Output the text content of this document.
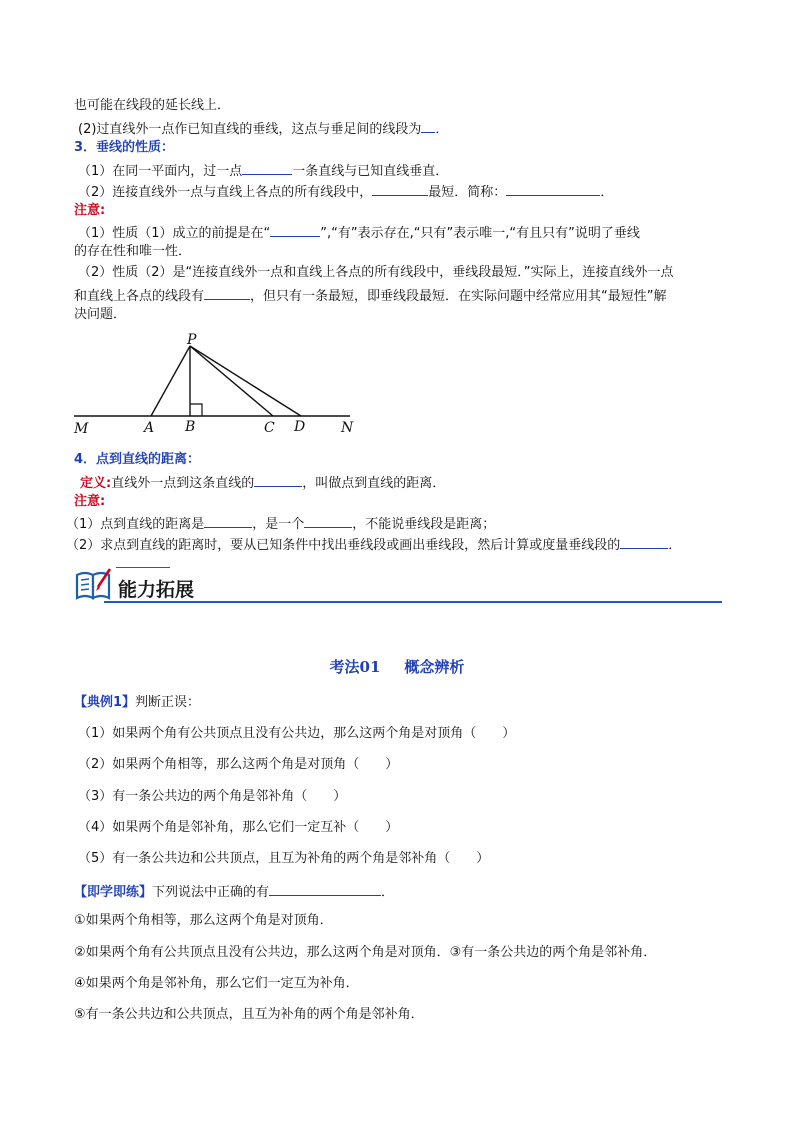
也可能在线段的延长线上．
(2)过直线外一点作已知直线的垂线，这点与垂足间的线段为 ．
3．垂线的性质：
（1）在同一平面内，过一点	一条直线与已知直线垂直．
（2）连接直线外一点与直线上各点的所有线段中，	最短．简称：	．
注意:
（1）性质（1）成立的前提是在“	”,“有”表示存在,“只有”表示唯一,“有且只有”说明了垂线
的存在性和唯一性．
（2）性质（2）是“连接直线外一点和直线上各点的所有线段中，垂线段最短．”实际上，连接直线外一点
和直线上各点的线段有	，但只有一条最短，即垂线段最短．在实际问题中经常应用其“最短性”解
决问题．
P
M	A B	C D	N
4．点到直线的距离：
定义:直线外一点到这条直线的	，叫做点到直线的距离．
注意:
（1）点到直线的距离是	，是一个	，不能说垂线段是距离；
（2）求点到直线的距离时，要从已知条件中找出垂线段或画出垂线段，然后计算或度量垂线段的	．
能力拓展
考法01 概念辨析
【典例1】判断正误：
（1）如果两个角有公共顶点且没有公共边，那么这两个角是对顶角（　　）
（2）如果两个角相等，那么这两个角是对顶角（　　）
（3）有一条公共边的两个角是邻补角（　　）
（4）如果两个角是邻补角，那么它们一定互补（　　）
（5）有一条公共边和公共顶点，且互为补角的两个角是邻补角（　　）
【即学即练】下列说法中正确的有	．
①如果两个角相等，那么这两个角是对顶角．
②如果两个角有公共顶点且没有公共边，那么这两个角是对顶角．③有一条公共边的两个角是邻补角．
④如果两个角是邻补角，那么它们一定互为补角．
⑤有一条公共边和公共顶点，且互为补角的两个角是邻补角．
